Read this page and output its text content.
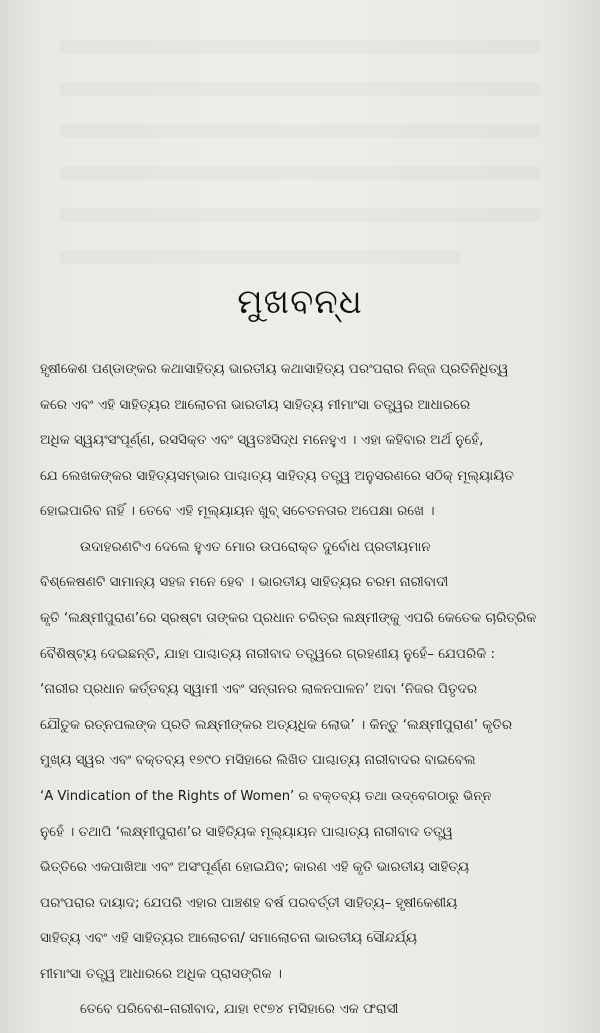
ମୁଖବନ୍ଧ
ହୃଷୀକେଶ ପଣ୍ଡାଙ୍କର କଥାସାହିତ୍ୟ ଭାରତୀୟ କଥାସାହିତ୍ୟ ପରଂପରାର ନିଜ୍ଜ ପ୍ରତିନିଧିତ୍ୱ
କରେ ଏବଂ ଏହି ସାହିତ୍ୟର ଆଲୋଚନା ଭାରତୀୟ ସାହିତ୍ୟ ମୀମାଂସା ତତ୍ତ୍ୱର ଆଧାରରେ
ଅଧିକ ସ୍ୱୟଂସଂପୂର୍ଣ୍ଣ, ରସସିକ୍ତ ଏବଂ ସ୍ୱତଃସିଦ୍ଧ ମନେହୁଏ । ଏହା କହିବାର ଅର୍ଥ ନୁହେଁ,
ଯେ ଲେଖକଙ୍କର ସାହିତ୍ୟସମ୍ଭାର ପାଶ୍ଚାତ୍ୟ ସାହିତ୍ୟ ତତ୍ତ୍ୱ ଅନୁସରଣରେ ସଠିକ୍ ମୂଲ୍ୟାୟିତ
ହୋଇପାରିବ ନାହିଁ । ତେବେ ଏହି ମୂଲ୍ୟାୟନ ଖୁବ୍ ସଚେତନତାର ଅପେକ୍ଷା ରଖେ ।
ଉଦାହରଣଟିଏ ଦେଲେ ହୁଏତ ମୋର ଉପରୋକ୍ତ ଦୁର୍ବୋଧ ପ୍ରତୀୟମାନ
ବିଶ୍ଳେଷଣଟି ସାମାନ୍ୟ ସହଜ ମନେ ହେବ । ଭାରତୀୟ ସାହିତ୍ୟର ଚରମ ନାରୀବାଦୀ
କୃତି ‘ଲକ୍ଷ୍ମୀପୁରାଣ’ରେ ସ୍ରଷ୍ଟା ତାଙ୍କର ପ୍ରଧାନ ଚରିତ୍ର ଲକ୍ଷ୍ମୀଙ୍କୁ ଏପରି କେତେକ ଚାରିତ୍ରିକ
ବୈଶିଷ୍ଟ୍ୟ ଦେଇଛନ୍ତି, ଯାହା ପାଶ୍ଚାତ୍ୟ ନାରୀବାଦ ତତ୍ତ୍ୱରେ ଗ୍ରହଣୀୟ ନୁହେଁ– ଯେପରିକି :
‘ନାରୀର ପ୍ରଧାନ କର୍ତ୍ତବ୍ୟ ସ୍ୱାମୀ ଏବଂ ସନ୍ତାନର ଲାଳନପାଳନ’ ଅବା ‘ନିଜର ପିତୃଦର
ଯୌତୁକ ରତ୍ନପଲଙ୍କ ପ୍ରତି ଲକ୍ଷ୍ମୀଙ୍କର ଅତ୍ୟଧିକ ଲୋଭ’ । କିନ୍ତୁ ‘ଲକ୍ଷ୍ମୀପୁରାଣ’ କୃତିର
ମୁଖ୍ୟ ସ୍ୱର ଏବଂ ବକ୍ତବ୍ୟ ୧୭୯୦ ମସିହାରେ ଲିଖିତ ପାଶ୍ଚାତ୍ୟ ନାରୀବାଦର ବାଇବେଲ
‘A Vindication of the Rights of Women’ ର ବକ୍ତବ୍ୟ ତଥା ଉଦ୍‌ବେଗଠାରୁ ଭିନ୍ନ
ନୁହେଁ । ତଥାପି ‘ଲକ୍ଷ୍ମୀପୁରାଣ’ର ସାହିତ୍ୟିକ ମୂଲ୍ୟାୟନ ପାଶ୍ଚାତ୍ୟ ନାରୀବାଦ ତତ୍ତ୍ୱ
ଭିତ୍ତିରେ ଏକପାଖିଆ ଏବଂ ଅସଂପୂର୍ଣ୍ଣ ହୋଇଯିବ; କାରଣ ଏହି କୃତି ଭାରତୀୟ ସାହିତ୍ୟ
ପରଂପରାର ଦାୟାଦ; ଯେପରି ଏହାର ପାଞ୍ଚଶହ ବର୍ଷ ପରବର୍ତ୍ତୀ ସାହିତ୍ୟ– ହୃଷୀକେଶୀୟ
ସାହିତ୍ୟ ଏବଂ ଏହି ସାହିତ୍ୟର ଆଲୋଚନା/ ସମାଲୋଚନା ଭାରତୀୟ ସୌନ୍ଦର୍ଯ୍ୟ
ମୀମାଂସା ତତ୍ତ୍ୱ ଆଧାରରେ ଅଧିକ ପ୍ରାସଙ୍ଗିକ ।
ତେବେ ପରିବେଶ–ନାରୀବାଦ, ଯାହା ୧୯୭୪ ମସିହାରେ ଏକ ଫରାସୀ
